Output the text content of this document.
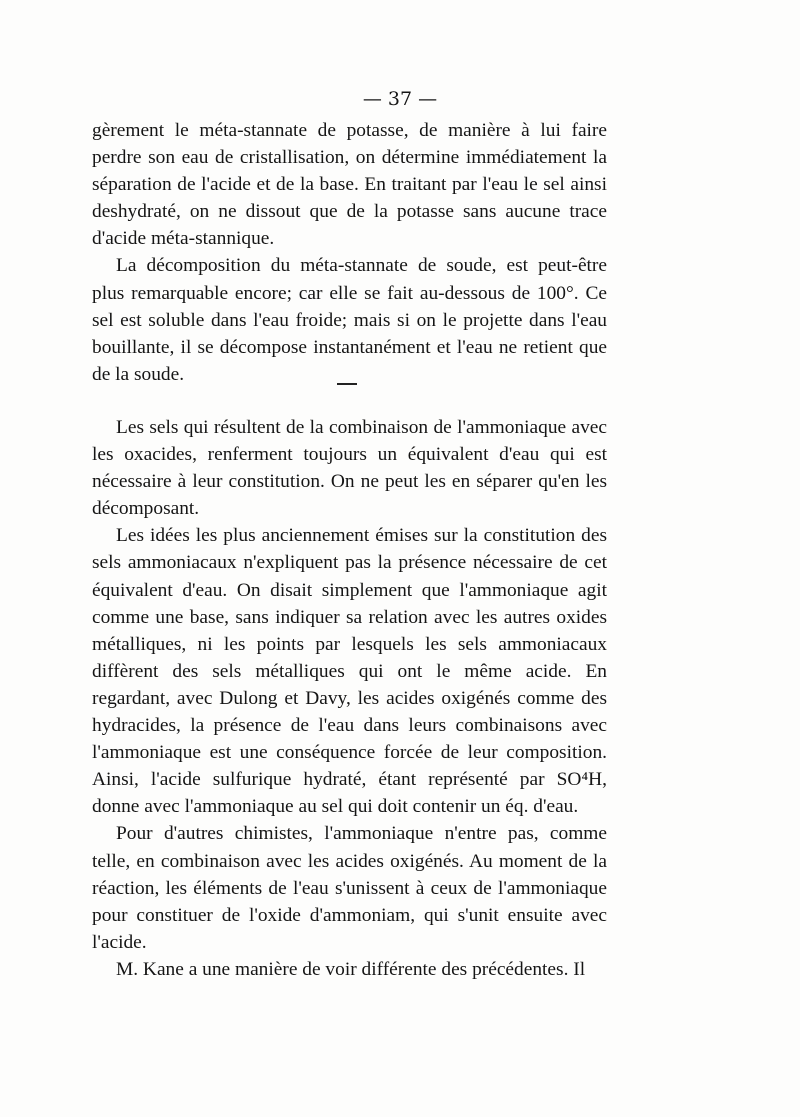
— 37 —

gèrement le méta-stannate de potasse, de manière à lui faire perdre son eau de cristallisation, on détermine immédiatement la séparation de l'acide et de la base. En traitant par l'eau le sel ainsi deshydraté, on ne dissout que de la potasse sans aucune trace d'acide méta-stannique.

La décomposition du méta-stannate de soude, est peut-être plus remarquable encore; car elle se fait au-dessous de 100°. Ce sel est soluble dans l'eau froide; mais si on le projette dans l'eau bouillante, il se décompose instantanément et l'eau ne retient que de la soude.

Les sels qui résultent de la combinaison de l'ammoniaque avec les oxacides, renferment toujours un équivalent d'eau qui est nécessaire à leur constitution. On ne peut les en séparer qu'en les décomposant.

Les idées les plus anciennement émises sur la constitution des sels ammoniacaux n'expliquent pas la présence nécessaire de cet équivalent d'eau. On disait simplement que l'ammoniaque agit comme une base, sans indiquer sa relation avec les autres oxides métalliques, ni les points par lesquels les sels ammoniacaux diffèrent des sels métalliques qui ont le même acide. En regardant, avec Dulong et Davy, les acides oxigénés comme des hydracides, la présence de l'eau dans leurs combinaisons avec l'ammoniaque est une conséquence forcée de leur composition. Ainsi, l'acide sulfurique hydraté, étant représenté par SO⁴H, donne avec l'ammoniaque au sel qui doit contenir un éq. d'eau.

Pour d'autres chimistes, l'ammoniaque n'entre pas, comme telle, en combinaison avec les acides oxigénés. Au moment de la réaction, les éléments de l'eau s'unissent à ceux de l'ammoniaque pour constituer de l'oxide d'ammoniam, qui s'unit ensuite avec l'acide.

M. Kane a une manière de voir différente des précédentes. Il
